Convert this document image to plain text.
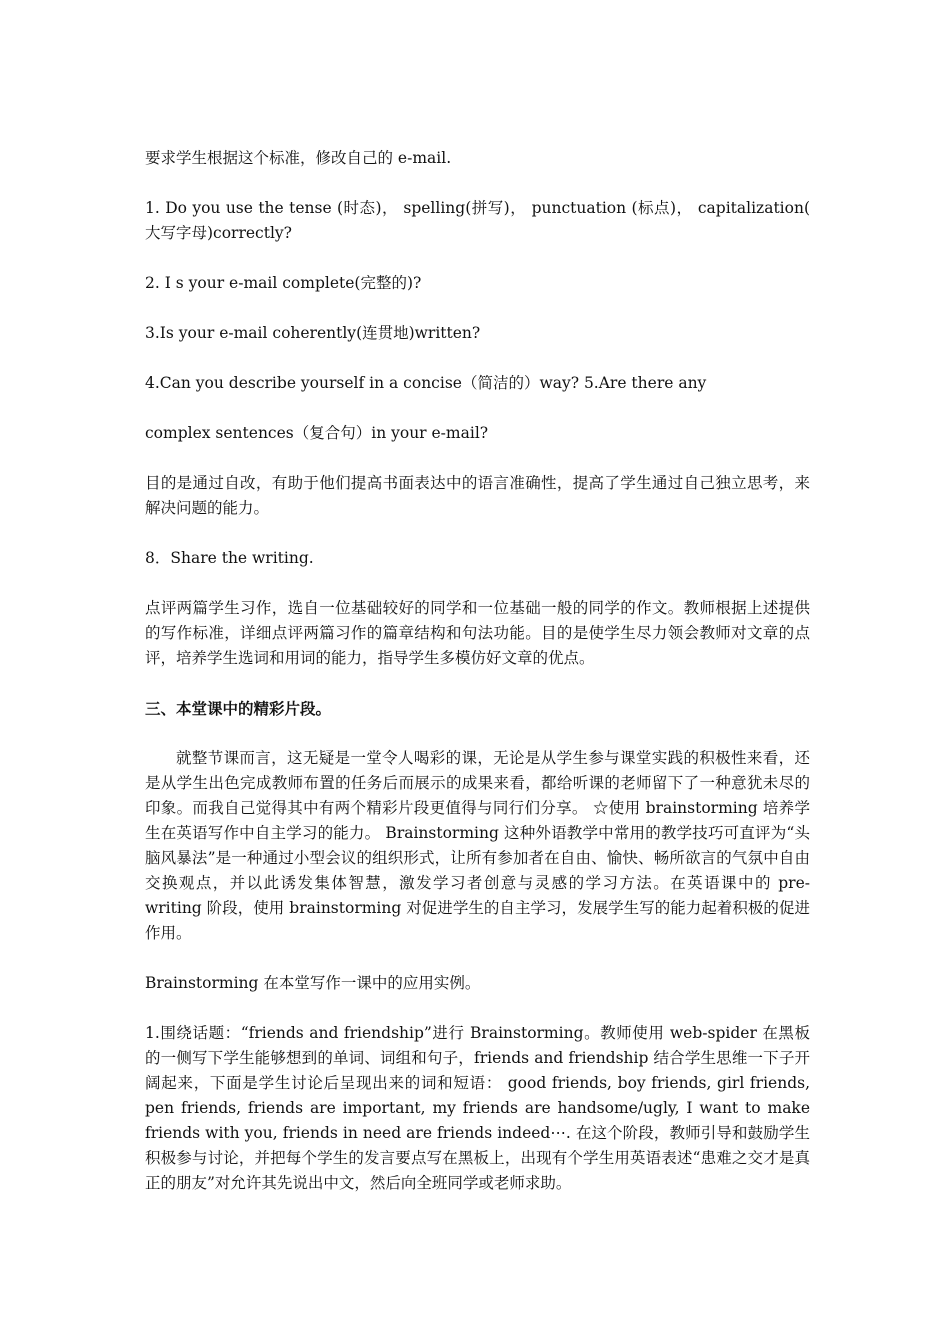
要求学生根据这个标准，修改自己的 e-mail.

1. Do you use the tense (时态)， spelling(拼写)， punctuation (标点)， capitalization( 大写字母)correctly?

2. I s your e-mail complete(完整的)?

3.Is your e-mail coherently(连贯地)written?

4.Can you describe yourself in a concise（简洁的）way? 5.Are there any

complex sentences（复合句）in your e-mail?

目的是通过自改，有助于他们提高书面表达中的语言准确性，提高了学生通过自己独立思考，来解决问题的能力。

8．Share the writing.

点评两篇学生习作，选自一位基础较好的同学和一位基础一般的同学的作文。教师根据上述提供的写作标准，详细点评两篇习作的篇章结构和句法功能。目的是使学生尽力领会教师对文章的点评，培养学生选词和用词的能力，指导学生多模仿好文章的优点。

三、本堂课中的精彩片段。

就整节课而言，这无疑是一堂令人喝彩的课，无论是从学生参与课堂实践的积极性来看，还是从学生出色完成教师布置的任务后而展示的成果来看，都给听课的老师留下了一种意犹未尽的印象。而我自己觉得其中有两个精彩片段更值得与同行们分享。 ☆使用 brainstorming 培养学生在英语写作中自主学习的能力。 Brainstorming 这种外语教学中常用的教学技巧可直评为“头脑风暴法”是一种通过小型会议的组织形式，让所有参加者在自由、愉快、畅所欲言的气氛中自由交换观点，并以此诱发集体智慧，激发学习者创意与灵感的学习方法。在英语课中的 pre-writing 阶段，使用 brainstorming 对促进学生的自主学习，发展学生写的能力起着积极的促进作用。

Brainstorming 在本堂写作一课中的应用实例。

1.围绕话题：“friends and friendship”进行 Brainstorming。教师使用 web-spider 在黑板的一侧写下学生能够想到的单词、词组和句子，friends and friendship 结合学生思维一下子开阔起来，下面是学生讨论后呈现出来的词和短语： good friends, boy friends, girl friends, pen friends, friends are important, my friends are handsome/ugly, I want to make friends with you, friends in need are friends indeed⋯. 在这个阶段，教师引导和鼓励学生积极参与讨论，并把每个学生的发言要点写在黑板上，出现有个学生用英语表述“患难之交才是真正的朋友”对允许其先说出中文，然后向全班同学或老师求助。
